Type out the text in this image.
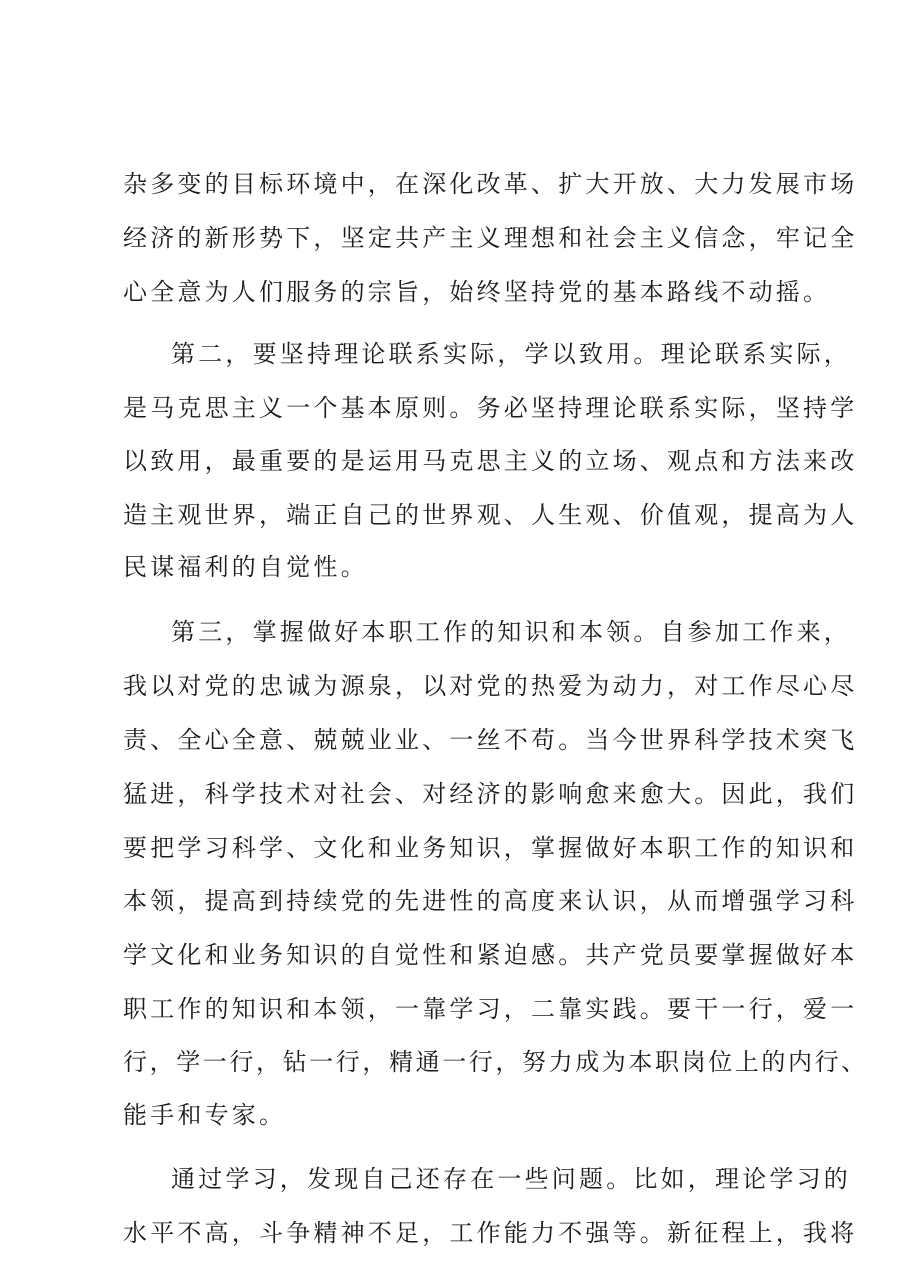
杂多变的目标环境中，在深化改革、扩大开放、大力发展市场
经济的新形势下，坚定共产主义理想和社会主义信念，牢记全
心全意为人们服务的宗旨，始终坚持党的基本路线不动摇。
第二，要坚持理论联系实际，学以致用。理论联系实际，
是马克思主义一个基本原则。务必坚持理论联系实际，坚持学
以致用，最重要的是运用马克思主义的立场、观点和方法来改
造主观世界，端正自己的世界观、人生观、价值观，提高为人
民谋福利的自觉性。
第三，掌握做好本职工作的知识和本领。自参加工作来，
我以对党的忠诚为源泉，以对党的热爱为动力，对工作尽心尽
责、全心全意、兢兢业业、一丝不苟。当今世界科学技术突飞
猛进，科学技术对社会、对经济的影响愈来愈大。因此，我们
要把学习科学、文化和业务知识，掌握做好本职工作的知识和
本领，提高到持续党的先进性的高度来认识，从而增强学习科
学文化和业务知识的自觉性和紧迫感。共产党员要掌握做好本
职工作的知识和本领，一靠学习，二靠实践。要干一行，爱一
行，学一行，钻一行，精通一行，努力成为本职岗位上的内行、
能手和专家。
通过学习，发现自己还存在一些问题。比如，理论学习的
水平不高，斗争精神不足，工作能力不强等。新征程上，我将
